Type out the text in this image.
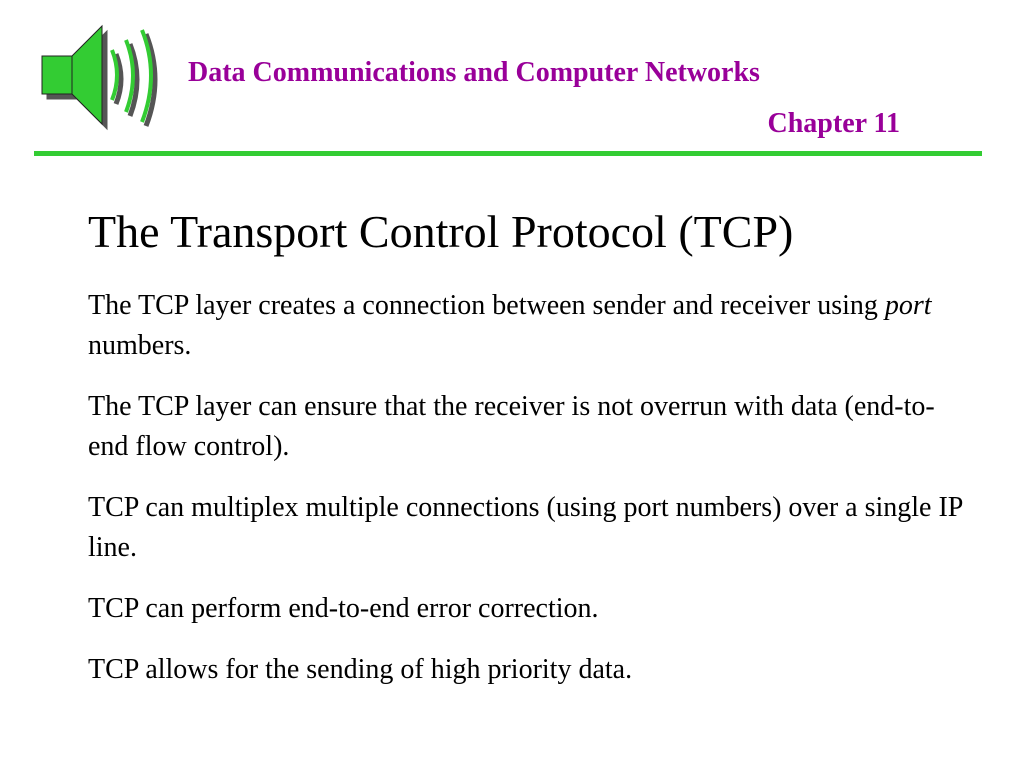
Data Communications and Computer Networks
Chapter 11
The Transport Control Protocol (TCP)

The TCP layer creates a connection between sender and receiver using port numbers.

The TCP layer can ensure that the receiver is not overrun with data (end-to-end flow control).

TCP can multiplex multiple connections (using port numbers) over a single IP line.

TCP can perform end-to-end error correction.

TCP allows for the sending of high priority data.
